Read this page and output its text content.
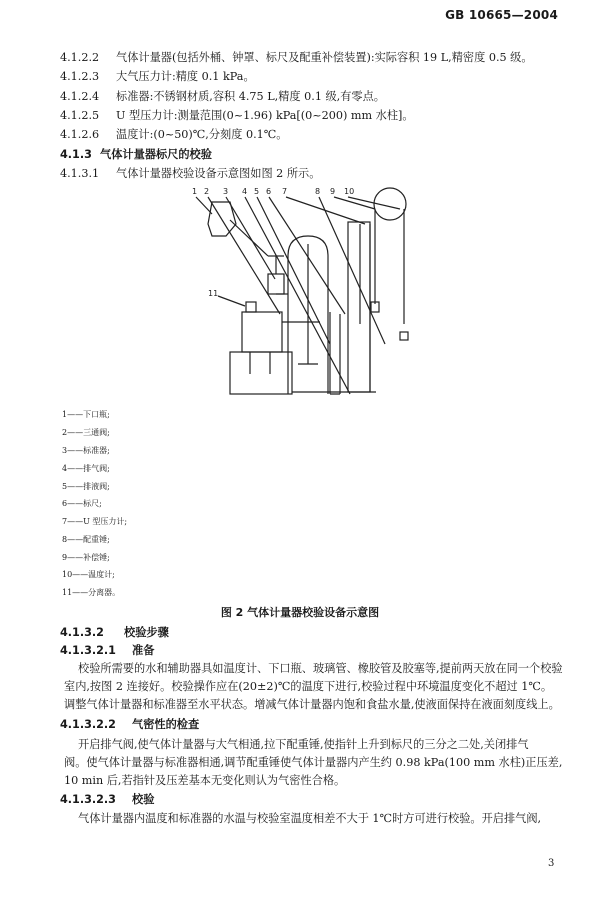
GB 10665—2004
4.1.2.2 气体计量器(包括外桶、钟罩、标尺及配重补偿装置):实际容积 19 L,精密度 0.5 级。
4.1.2.3 大气压力计:精度 0.1 kPa。
4.1.2.4 标准器:不锈钢材质,容积 4.75 L,精度 0.1 级,有零点。
4.1.2.5 U 型压力计:测量范围(0~1.96) kPa[(0~200) mm 水柱]。
4.1.2.6 温度计:(0~50)℃,分刻度 0.1℃。
4.1.3 气体计量器标尺的校验
4.1.3.1 气体计量器校验设备示意图如图 2 所示。
1 2 3 4 5 6 7	8 9 10
11
1——下口瓶;
2——三通阀;
3——标准器;
4——排气阀;
5——排液阀;
6——标尺;
7——U 型压力计;
8——配重锤;
9——补偿锤;
10——温度计;
11——分离器。
图 2 气体计量器校验设备示意图
4.1.3.2 校验步骤
4.1.3.2.1 准备
校验所需要的水和辅助器具如温度计、下口瓶、玻璃管、橡胶管及胶塞等,提前两天放在同一个校验
室内,按图 2 连接好。校验操作应在(20±2)℃的温度下进行,校验过程中环境温度变化不超过 1℃。
调整气体计量器和标准器至水平状态。增减气体计量器内饱和食盐水量,使液面保持在液面刻度线上。
4.1.3.2.2 气密性的检查
开启排气阀,使气体计量器与大气相通,拉下配重锤,使指针上升到标尺的三分之二处,关闭排气
阀。使气体计量器与标准器相通,调节配重锤使气体计量器内产生约 0.98 kPa(100 mm 水柱)正压差,
10 min 后,若指针及压差基本无变化则认为气密性合格。
4.1.3.2.3 校验
气体计量器内温度和标准器的水温与校验室温度相差不大于 1℃时方可进行校验。开启排气阀,
3
